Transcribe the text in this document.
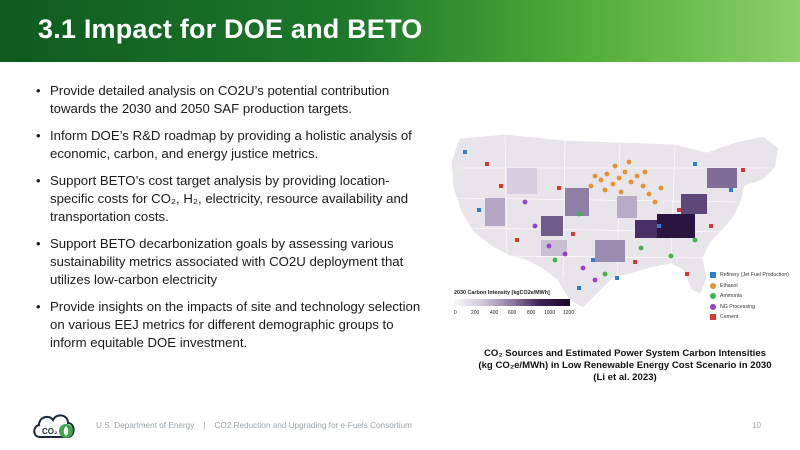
3.1 Impact for DOE and BETO
• Provide detailed analysis on CO2U’s potential contribution towards the 2030 and 2050 SAF production targets.
• Inform DOE’s R&D roadmap by providing a holistic analysis of economic, carbon, and energy justice metrics.
• Support BETO’s cost target analysis by providing location-specific costs for CO₂, H₂, electricity, resource availability and transportation costs.
• Support BETO decarbonization goals by assessing various sustainability metrics associated with CO2U deployment that utilizes low-carbon electricity
• Provide insights on the impacts of site and technology selection on various EEJ metrics for different demographic groups to inform equitable DOE investment.
2030 Carbon Intensity [kgCO2e/MWh]
0	200 400 600 800 1000 1200
Refinery (Jet Fuel Production)
Ethanol
Ammonia
NG Processing
Cement
CO₂ Sources and Estimated Power System Carbon Intensities
(kg CO₂e/MWh) in Low Renewable Energy Cost Scenario in 2030
(Li et al. 2023)
CO₂
U.S. Department of Energy | CO2 Reduction and Upgrading for e-Fuels Consortium	10
